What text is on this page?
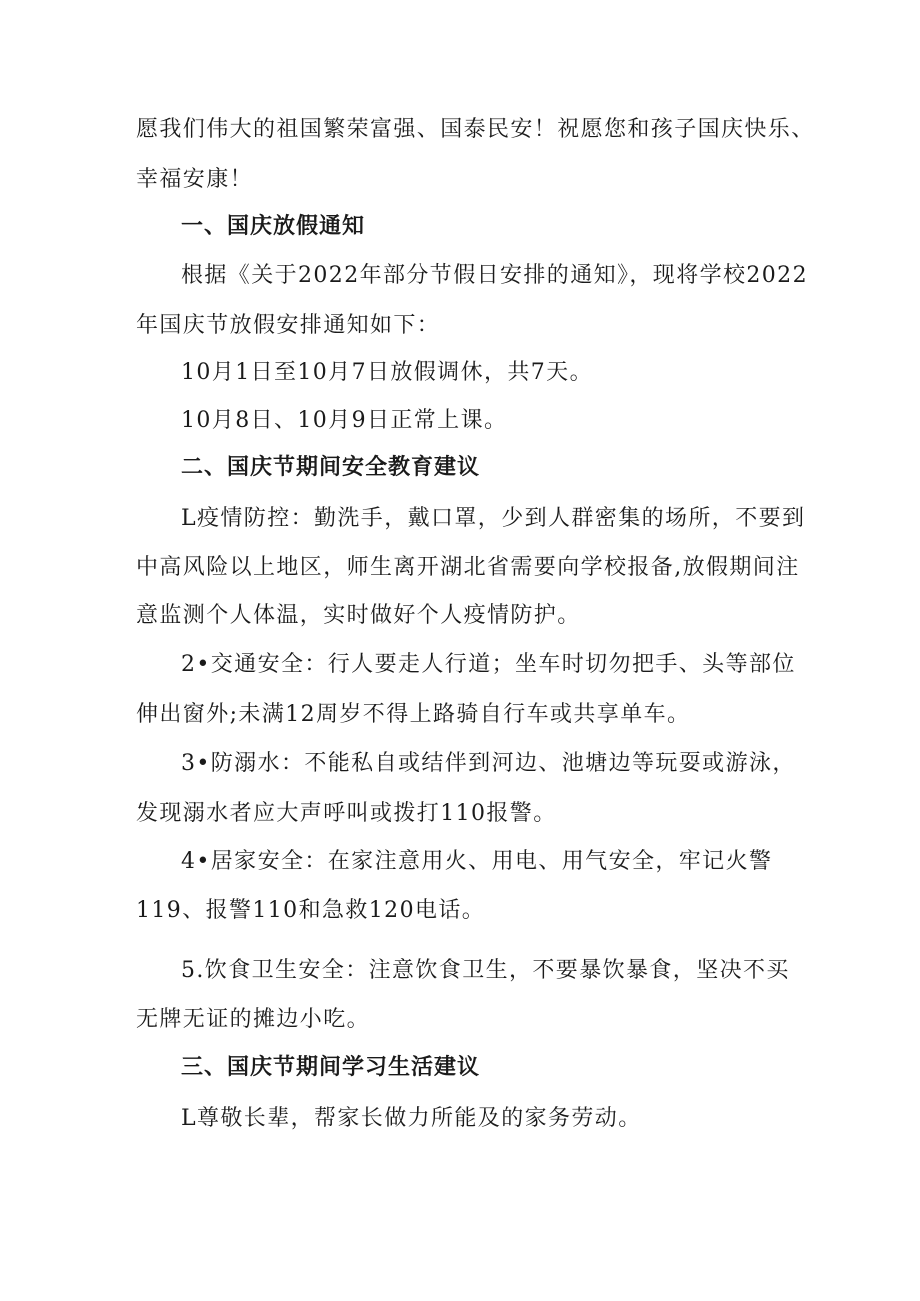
愿我们伟大的祖国繁荣富强、国泰民安！祝愿您和孩子国庆快乐、
幸福安康！
一、国庆放假通知
根据《关于2022年部分节假日安排的通知》，现将学校2022
年国庆节放假安排通知如下：
10月1日至10月7日放假调休，共7天。
10月8日、10月9日正常上课。
二、国庆节期间安全教育建议
L疫情防控：勤洗手，戴口罩，少到人群密集的场所，不要到
中高风险以上地区，师生离开湖北省需要向学校报备,放假期间注
意监测个人体温，实时做好个人疫情防护。
2•交通安全：行人要走人行道；坐车时切勿把手、头等部位
伸出窗外;未满12周岁不得上路骑自行车或共享单车。
3•防溺水：不能私自或结伴到河边、池塘边等玩耍或游泳，
发现溺水者应大声呼叫或拨打110报警。
4•居家安全：在家注意用火、用电、用气安全，牢记火警
119、报警110和急救120电话。
5.饮食卫生安全：注意饮食卫生，不要暴饮暴食，坚决不买
无牌无证的摊边小吃。
三、国庆节期间学习生活建议
L尊敬长辈，帮家长做力所能及的家务劳动。
